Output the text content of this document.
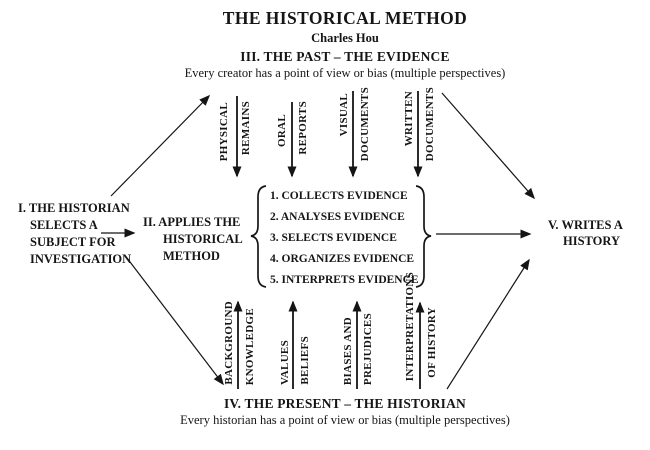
THE HISTORICAL METHOD
Charles Hou
III. THE PAST – THE EVIDENCE
Every creator has a point of view or bias (multiple perspectives)
IV. THE PRESENT – THE HISTORIAN
Every historian has a point of view or bias (multiple perspectives)
I. THE HISTORIAN
SELECTS A
SUBJECT FOR
INVESTIGATION
II. APPLIES THE
HISTORICAL
METHOD
1. COLLECTS EVIDENCE
2. ANALYSES EVIDENCE
3. SELECTS EVIDENCE
4. ORGANIZES EVIDENCE
5. INTERPRETS EVIDENCE
V. WRITES A
HISTORY
PHYSICAL REMAINS ORAL REPORTS	VISUAL DOCUMENTS	WRITTEN DOCUMENTS
BACKGROUND KNOWLEDGE VALUES BELIEFS	BIASES AND PREJUDICES	INTERPRETATIONS OF HISTORY
